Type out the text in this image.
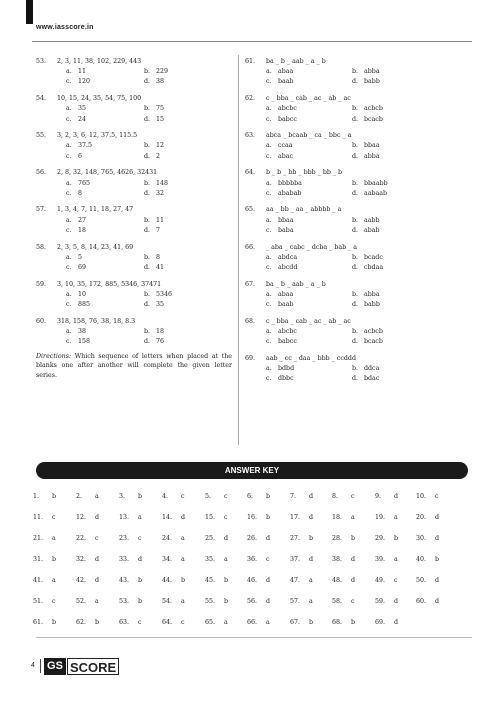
www.iasscore.in
53.	2, 3, 11, 38, 102, 229, 443
a. 11	b. 229
c. 120	d. 38
54.	10, 15, 24, 35, 54, 75, 100
a. 35	b. 75
c. 24	d. 15
55.	3, 2, 3, 6, 12, 37.5, 115.5
a. 37.5	b. 12
c. 6	d. 2
56.	2, 8, 32, 148, 765, 4626, 32431
a. 765	b. 148
c. 8	d. 32
57.	1, 3, 4, 7, 11, 18, 27, 47
a. 27	b. 11
c. 18	d. 7
58.	2, 3, 5, 8, 14, 23, 41, 69
a. 5	b. 8
c. 69	d. 41
59.	3, 10, 35, 172, 885, 5346, 37471
a. 10	b. 5346
c. 885	d. 35
60.	318, 158, 76, 38, 18, 8.3
a. 38	b. 18
c. 158	d. 76
Directions: Which sequence of letters when placed at the blanks one after another will complete the given letter series.
61.	ba _ b _ aab _ a _ b
a. abaa	b. abba
c. baab	d. babb
62.	c _ bba _ cab _ ac _ ab _ ac
a. abcbc	b. acbcb
c. babcc	d. bcacb
63.	abca _ bcaab _ ca _ bbc _ a
a. ccaa	b. bbaa
c. abac	d. abba
64.	b _ b _ bb _ bbb _ bb _ b
a. bbbbba	b. bbaabb
c. ababab	d. aabaab
65.	aa _ bb _ aa _ abbbb _ a
a. bbaa	b. aabb
c. baba	d. abab
66.	_ aba _ cabc _ dcba _ bab _ a
a. abdca	b. bcadc
c. abcdd	d. cbdaa
67.	ba _ b _ aab _ a _ b
a. abaa	b. abba
c. baab	d. babb
68.	c _ bba _ cab _ ac _ ab _ ac
a. abcbc	b. acbcb
c. babcc	d. bcacb
69.	aab _ cc _ daa _ bbb _ ccddd
a. bdbd	b. ddca
c. dbbc	d. bdac
ANSWER KEY
1. b	2. a	3. b	4. c	5. c	6. b	7. d	8. c	9. d	10. c
11. c	12. d	13. a	14. d	15. c	16. b	17. d	18. a	19. a	20. d
21. a	22. c	23. c	24. a	25. d	26. d	27. b	28. b	29. b	30. d
31. b	32. d	33. d	34. a	35. a	36. c	37. d	38. d	39. a	40. b
41. a	42. d	43. b	44. b	45. b	46. d	47. a	48. d	49. c	50. d
51. c	52. a	53. b	54. a	55. b	56. d	57. a	58. c	59. d	60. d
61. b	62. b	63. c	64. c	65. a	66. a	67. b	68. b	69. d
4 GS SCORE
